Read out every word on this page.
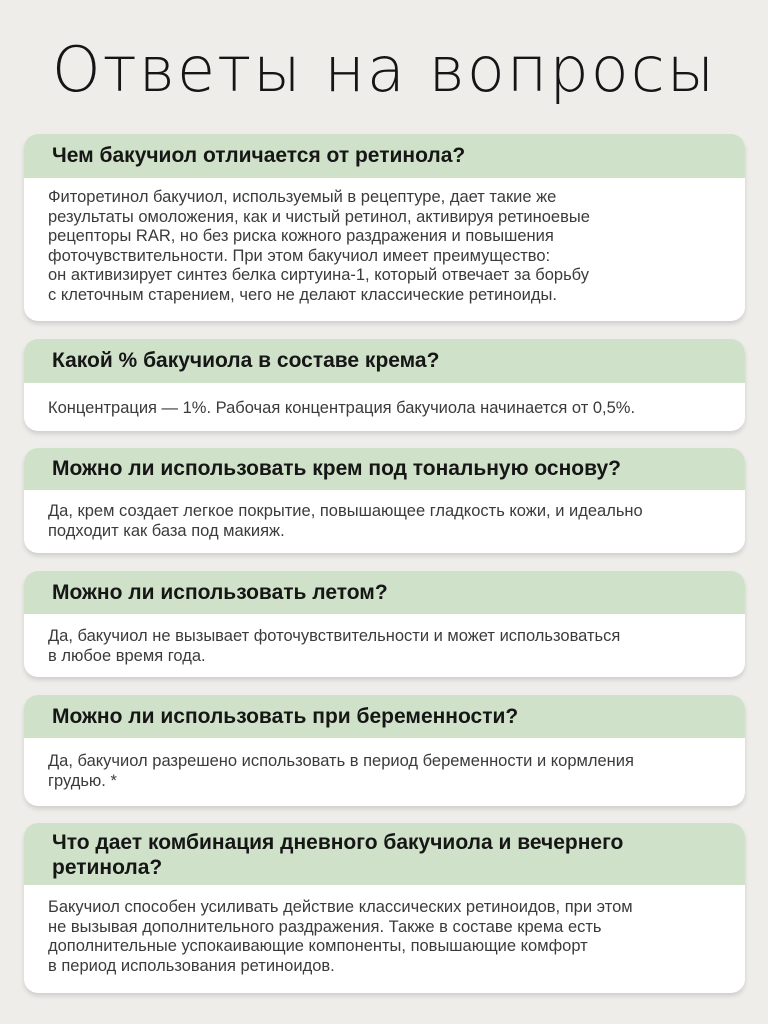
Ответы на вопросы
Чем бакучиол отличается от ретинола?
Фиторетинол бакучиол, используемый в рецептуре, дает такие же
результаты омоложения, как и чистый ретинол, активируя ретиноевые
рецепторы RAR, но без риска кожного раздражения и повышения
фоточувствительности. При этом бакучиол имеет преимущество:
он активизирует синтез белка сиртуина-1, который отвечает за борьбу
с клеточным старением, чего не делают классические ретиноиды.
Какой % бакучиола в составе крема?
Концентрация — 1%. Рабочая концентрация бакучиола начинается от 0,5%.
Можно ли использовать крем под тональную основу?
Да, крем создает легкое покрытие, повышающее гладкость кожи, и идеально
подходит как база под макияж.
Можно ли использовать летом?
Да, бакучиол не вызывает фоточувствительности и может использоваться
в любое время года.
Можно ли использовать при беременности?
Да, бакучиол разрешено использовать в период беременности и кормления
грудью. *
Что дает комбинация дневного бакучиола и вечернего
ретинола?
Бакучиол способен усиливать действие классических ретиноидов, при этом
не вызывая дополнительного раздражения. Также в составе крема есть
дополнительные успокаивающие компоненты, повышающие комфорт
в период использования ретиноидов.
